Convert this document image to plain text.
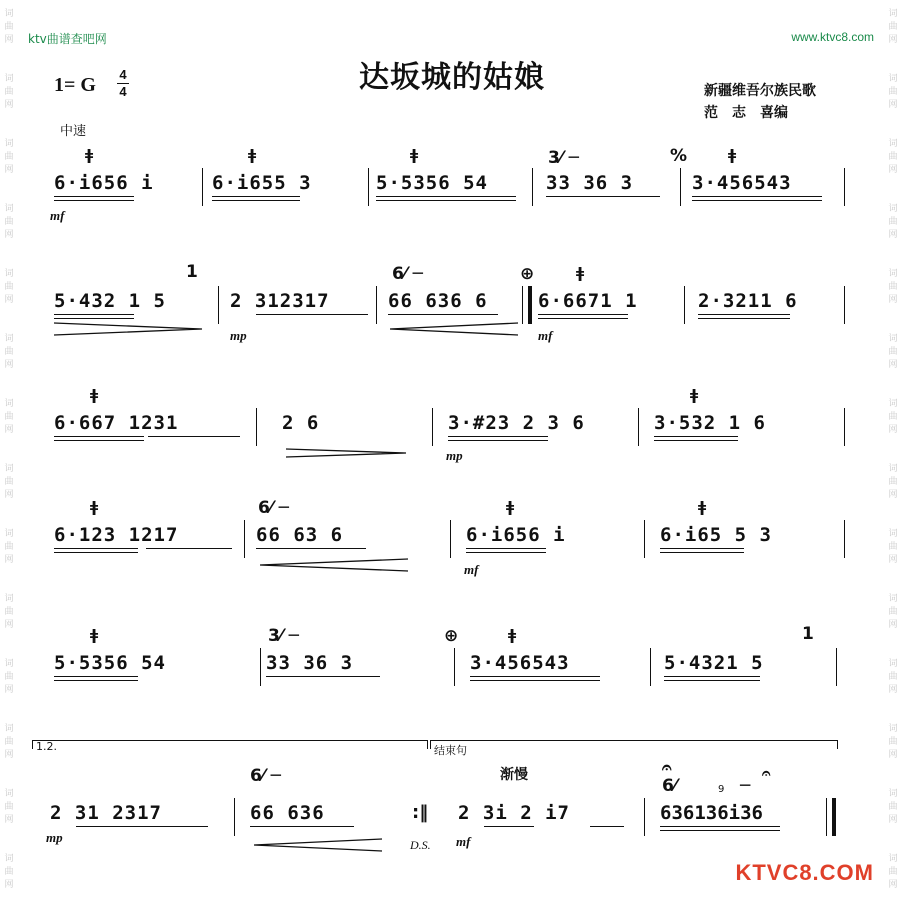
词
曲
网

词
曲
网

词
曲
网

词
曲
网

词
曲
网

词
曲
网

词
曲
网

词
曲
网

词
曲
网

词
曲
网

词
曲
网

词
曲
网

词
曲
网

词
曲
网
词
曲
网

词
曲
网

词
曲
网

词
曲
网

词
曲
网

词
曲
网

词
曲
网

词
曲
网

词
曲
网

词
曲
网

词
曲
网

词
曲
网

词
曲
网

词
曲
网
ktv曲谱查吧网	www.ktvc8.com
达坂城的姑娘
1= G 4
4
中速
新疆维吾尔族民歌
范　志　喜编
ǂ
6·i656 i
ǂ
6·i655 3
ǂ
5·5356 54
3⁄ ─	%
33 36 3
ǂ
3·456543
mf
1
5·432 1 5	2 312317
mp
6⁄ ─	⊕
66 636 6
ǂ
6·6671 1
mf
2·3211 6
ǂ
6·667 1231	2 6	3·#23 2 3 6
mp
ǂ
3·532 1 6
ǂ
6·123 1217
6⁄ ─
66 63 6
ǂ
6·i656 i
mf
ǂ
6·i65 5 3
ǂ
5·5356 54
3⁄ ─	⊕
33 36 3
ǂ
3·456543
1
5·4321 5
1.2.	结束句
2 31 2317
mp
6⁄ ─
66 636	:‖
D.S.
渐慢
2 3i 2 i7
mf
𝄐
6⁄	9 ─
𝄐
636136i36
KTVC8.COM
